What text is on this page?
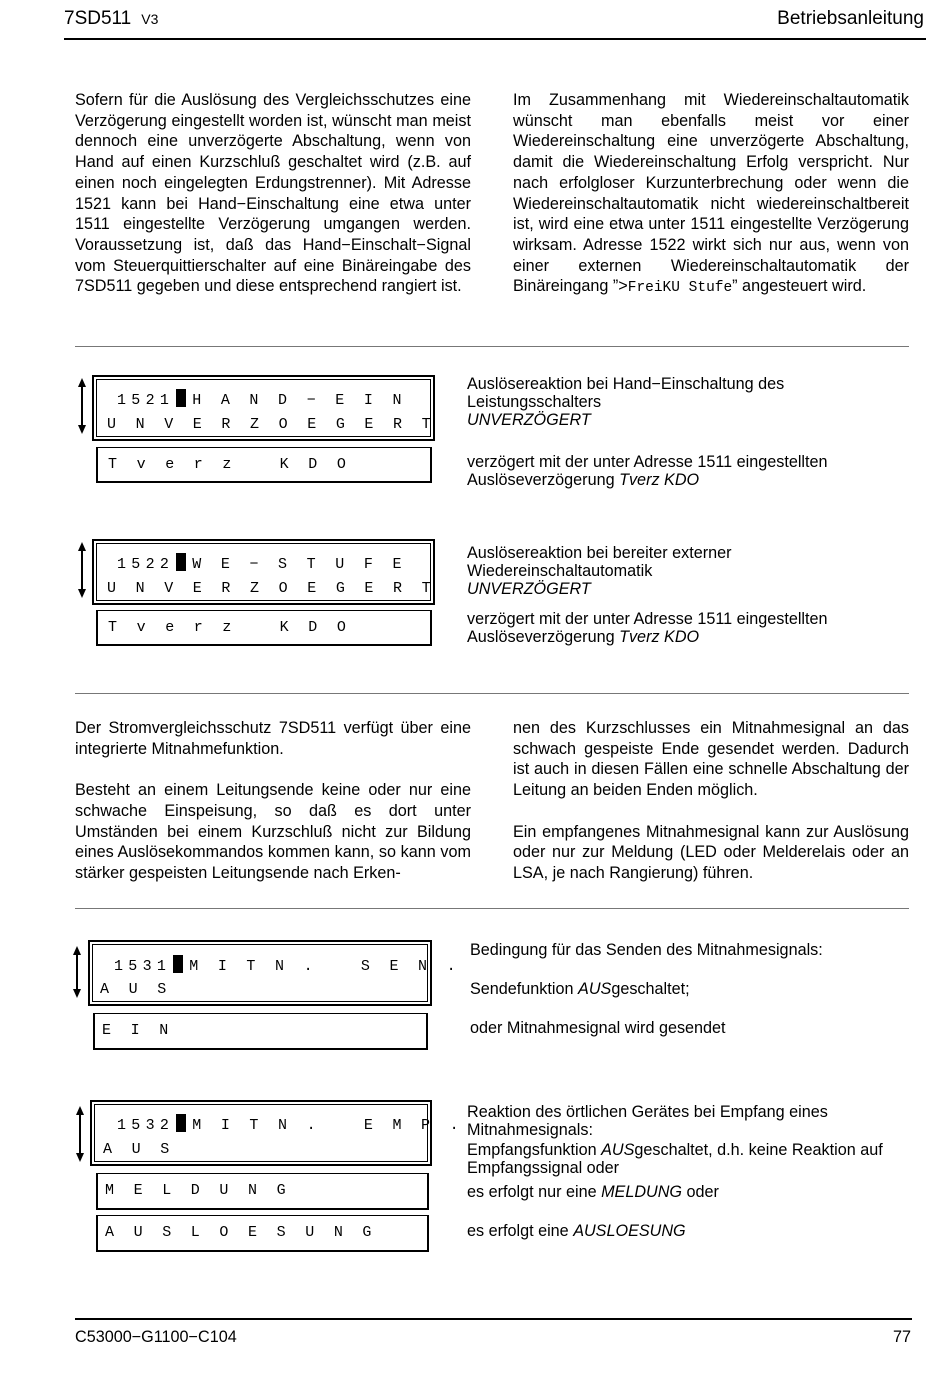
7SD511 V3	Betriebsanleitung

Sofern für die Auslösung des Vergleichsschutzes eine Verzögerung eingestellt worden ist, wünscht man meist dennoch eine unverzögerte Abschaltung, wenn von Hand auf einen Kurzschluß geschaltet wird (z.B. auf einen noch eingelegten Erdungstrenner). Mit Adresse 1521 kann bei Hand−Einschaltung eine etwa unter 1511 eingestellte Verzögerung umgangen werden. Voraussetzung ist, daß das Hand−Einschalt−Signal vom Steuerquittierschalter auf eine Binäreingabe des 7SD511 gegeben und diese entsprechend rangiert ist.

Im Zusammenhang mit Wiedereinschaltautomatik wünscht man ebenfalls meist vor einer Wiedereinschaltung eine unverzögerte Abschaltung, damit die Wiedereinschaltung Erfolg verspricht. Nur nach erfolgloser Kurzunterbrechung oder wenn die Wiedereinschaltautomatik nicht wiedereinschaltbereit ist, wird eine etwa unter 1511 eingestellte Verzögerung wirksam. Adresse 1522 wirkt sich nur aus, wenn von einer externen Wiedereinschaltautomatik der Binäreingang ”>FreiKU Stufe” angesteuert wird.

1521 H A N D − E I N
U N V E R Z O E G E R T
T v e r z   K D O
Auslösereaktion bei Hand−Einschaltung des Leistungsschalters
UNVERZÖGERT
verzögert mit der unter Adresse 1511 eingestellten Auslöseverzögerung Tverz KDO
1522 W E − S T U F E
U N V E R Z O E G E R T
T v e r z   K D O
Auslösereaktion bei bereiter externer Wiedereinschaltautomatik
UNVERZÖGERT
verzögert mit der unter Adresse 1511 eingestellten Auslöseverzögerung Tverz KDO

Der Stromvergleichsschutz 7SD511 verfügt über eine integrierte Mitnahmefunktion.

Besteht an einem Leitungsende keine oder nur eine schwache Einspeisung, so daß es dort unter Umständen bei einem Kurzschluß nicht zur Bildung eines Auslösekommandos kommen kann, so kann vom stärker gespeisten Leitungsende nach Erken-

nen des Kurzschlusses ein Mitnahmesignal an das schwach gespeiste Ende gesendet werden. Dadurch ist auch in diesen Fällen eine schnelle Abschaltung der Leitung an beiden Enden möglich.

Ein empfangenes Mitnahmesignal kann zur Auslösung oder nur zur Meldung (LED oder Melderelais oder an LSA, je nach Rangierung) führen.

1531 M I T N .   S E N .
A U S
E I N
Bedingung für das Senden des Mitnahmesignals:
Sendefunktion AUSgeschaltet;
oder Mitnahmesignal wird gesendet
1532 M I T N .   E M P .
A U S
M E L D U N G
A U S L O E S U N G
Reaktion des örtlichen Gerätes bei Empfang eines Mitnahmesignals:
Empfangsfunktion AUSgeschaltet, d.h. keine Reaktion auf Empfangssignal oder
es erfolgt nur eine MELDUNG oder
es erfolgt eine AUSLOESUNG
C53000−G1100−C104	77
